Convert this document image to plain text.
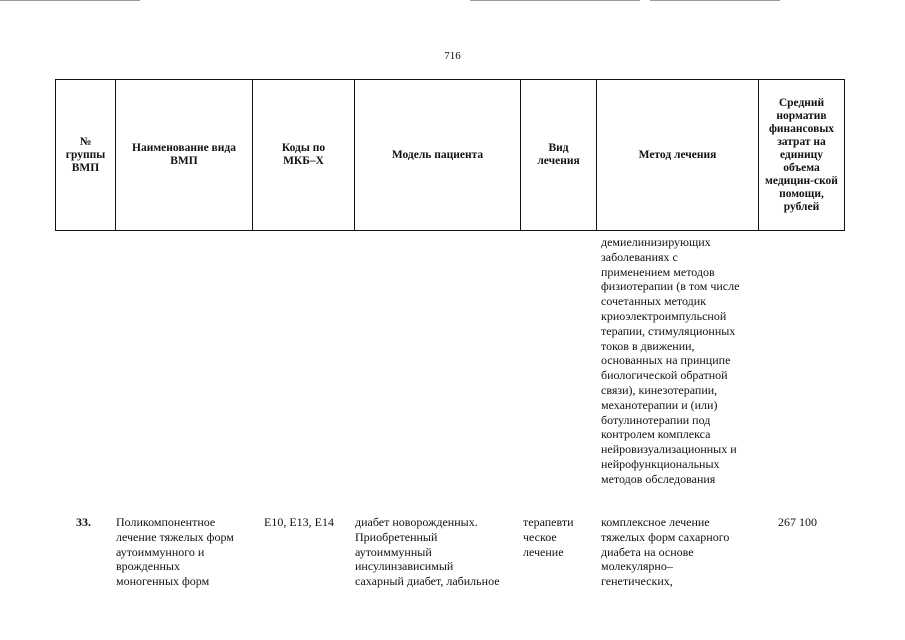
716
№ группы ВМП
Наименование вида ВМП
Коды по МКБ–X
Модель пациента
Вид лечения
Метод лечения
Средний норматив финансовых затрат на единицу объема медицин-ской помощи, рублей
демиелинизирующих
заболеваниях с
применением методов
физиотерапии (в том числе
сочетанных методик
криоэлектроимпульсной
терапии, стимуляционных
токов в движении,
основанных на принципе
биологической обратной
связи), кинезотерапии,
механотерапии и (или)
ботулинотерапии под
контролем комплекса
нейровизуализационных и
нейрофункциональных
методов обследования
33. Поликомпонентное
лечение тяжелых форм
аутоиммунного и
врожденных
моногенных форм
E10, E13, E14	диабет новорожденных.
Приобретенный
аутоиммунный
инсулинзависимый
сахарный диабет, лабильное
терапевти
ческое
лечение
комплексное лечение
тяжелых форм сахарного
диабета на основе
молекулярно–
генетических,
267 100
